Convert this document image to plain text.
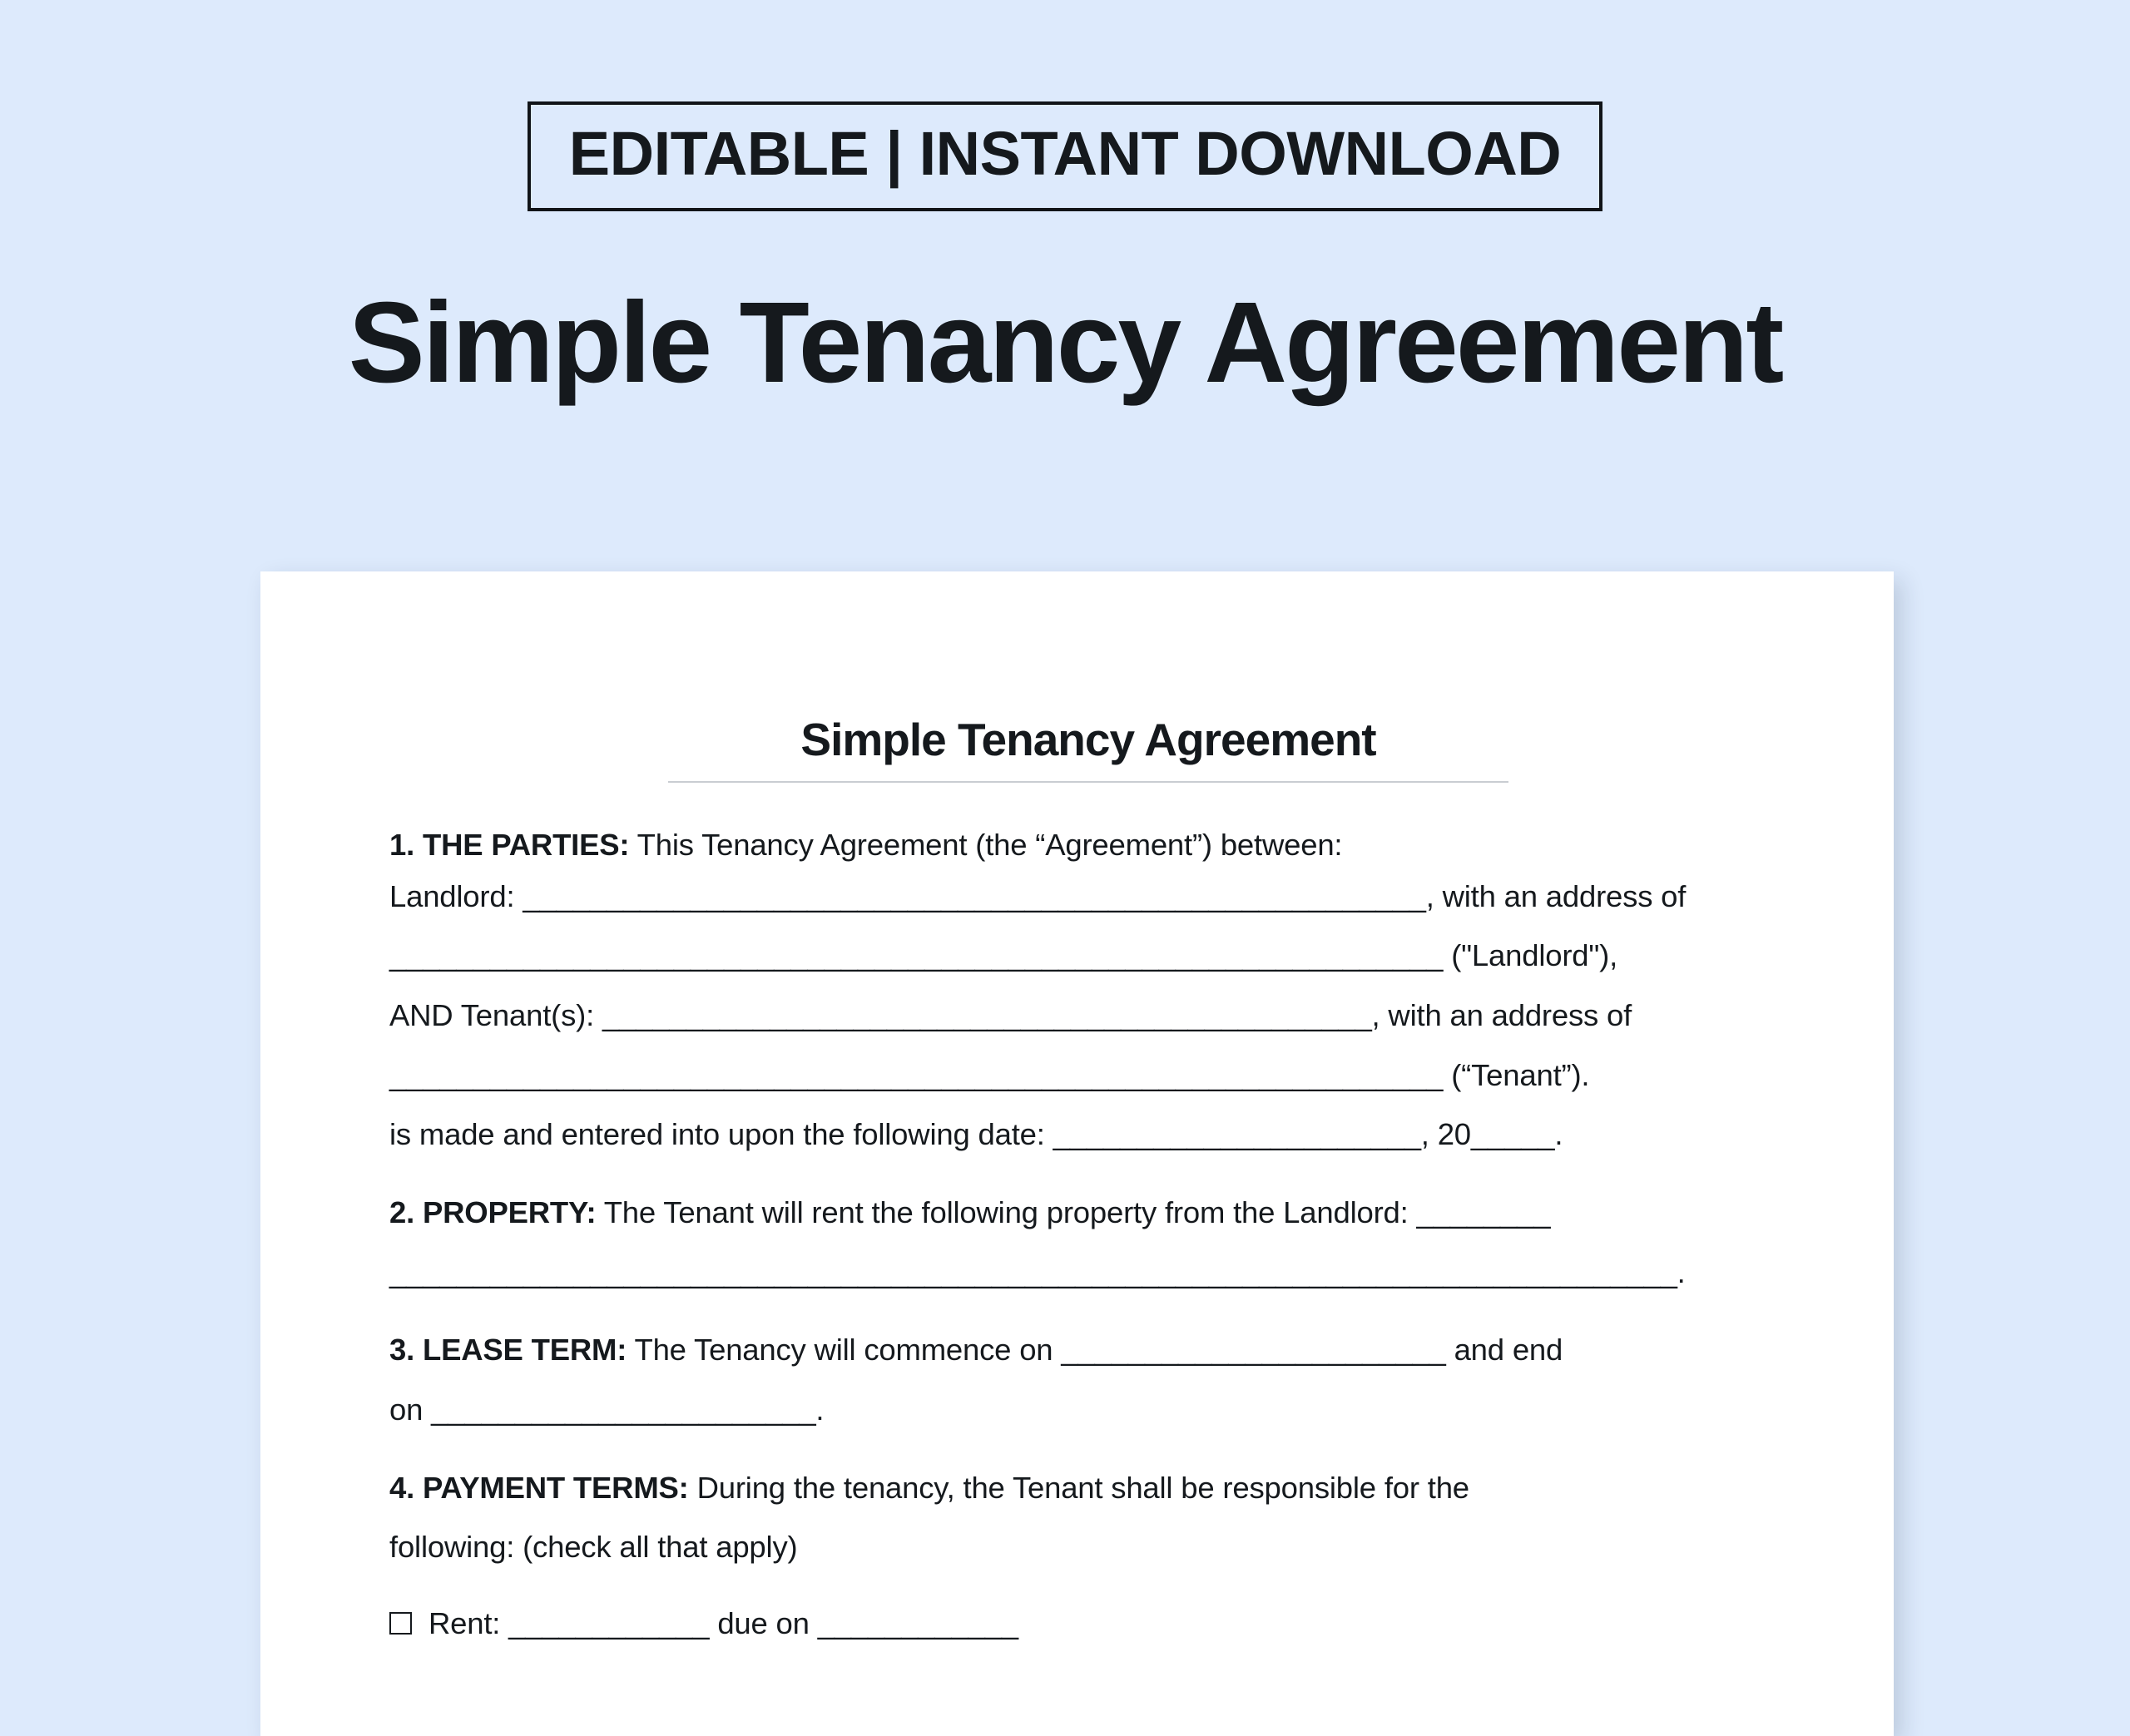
EDITABLE | INSTANT DOWNLOAD
Simple Tenancy Agreement
Simple Tenancy Agreement

1. THE PARTIES: This Tenancy Agreement (the “Agreement”) between:

Landlord: ______________________________________________________, with an address of

_______________________________________________________________ ("Landlord"),

AND Tenant(s): ______________________________________________, with an address of

_______________________________________________________________ (“Tenant”).

is made and entered into upon the following date: ______________________, 20_____.

2. PROPERTY: The Tenant will rent the following property from the Landlord: ________

_____________________________________________________________________________.

3. LEASE TERM: The Tenancy will commence on _______________________ and end

on _______________________.

4. PAYMENT TERMS: During the tenancy, the Tenant shall be responsible for the

following: (check all that apply)

Rent: ____________ due on ____________
